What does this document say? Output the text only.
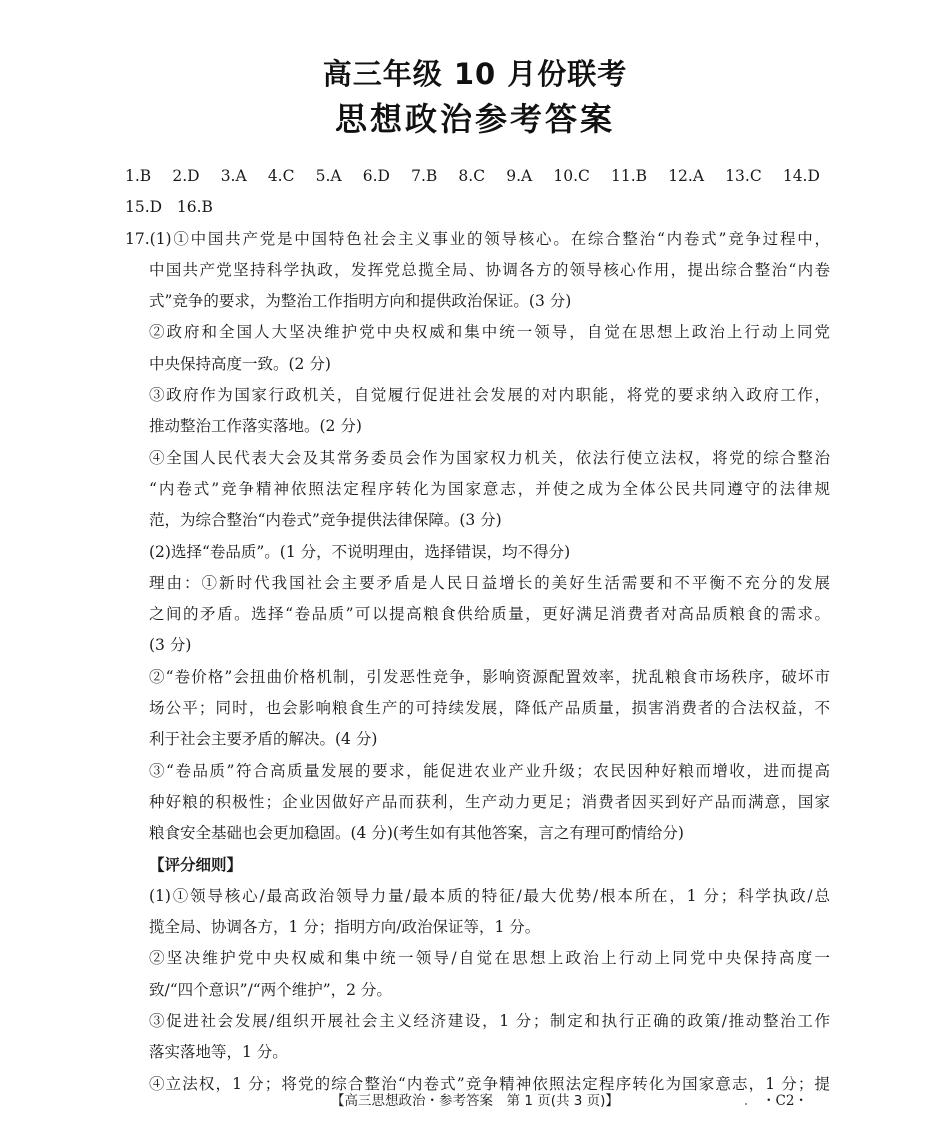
高三年级 10 月份联考
思想政治参考答案
1.B 2.D 3.A 4.C 5.A 6.D 7.B 8.C 9.A 10.C 11.B 12.A 13.C 14.D
15.D 16.B
17.(1)①中国共产党是中国特色社会主义事业的领导核心。在综合整治“内卷式”竞争过程中，
中国共产党坚持科学执政，发挥党总揽全局、协调各方的领导核心作用，提出综合整治“内卷
式”竞争的要求，为整治工作指明方向和提供政治保证。(3 分)
②政府和全国人大坚决维护党中央权威和集中统一领导，自觉在思想上政治上行动上同党
中央保持高度一致。(2 分)
③政府作为国家行政机关，自觉履行促进社会发展的对内职能，将党的要求纳入政府工作，
推动整治工作落实落地。(2 分)
④全国人民代表大会及其常务委员会作为国家权力机关，依法行使立法权，将党的综合整治
“内卷式”竞争精神依照法定程序转化为国家意志，并使之成为全体公民共同遵守的法律规
范，为综合整治“内卷式”竞争提供法律保障。(3 分)
(2)选择“卷品质”。(1 分，不说明理由，选择错误，均不得分)
理由：①新时代我国社会主要矛盾是人民日益增长的美好生活需要和不平衡不充分的发展
之间的矛盾。选择“卷品质”可以提高粮食供给质量，更好满足消费者对高品质粮食的需求。
(3 分)
②“卷价格”会扭曲价格机制，引发恶性竞争，影响资源配置效率，扰乱粮食市场秩序，破坏市
场公平；同时，也会影响粮食生产的可持续发展，降低产品质量，损害消费者的合法权益，不
利于社会主要矛盾的解决。(4 分)
③“卷品质”符合高质量发展的要求，能促进农业产业升级；农民因种好粮而增收，进而提高
种好粮的积极性；企业因做好产品而获利，生产动力更足；消费者因买到好产品而满意，国家
粮食安全基础也会更加稳固。(4 分)(考生如有其他答案，言之有理可酌情给分)
【评分细则】
(1)①领导核心/最高政治领导力量/最本质的特征/最大优势/根本所在，1 分；科学执政/总
揽全局、协调各方，1 分；指明方向/政治保证等，1 分。
②坚决维护党中央权威和集中统一领导/自觉在思想上政治上行动上同党中央保持高度一
致/“四个意识”/“两个维护”，2 分。
③促进社会发展/组织开展社会主义经济建设，1 分；制定和执行正确的政策/推动整治工作
落实落地等，1 分。
④立法权，1 分；将党的综合整治“内卷式”竞争精神依照法定程序转化为国家意志，1 分；提
【高三思想政治・参考答案　第 1 页(共 3 页)】	・C2・
